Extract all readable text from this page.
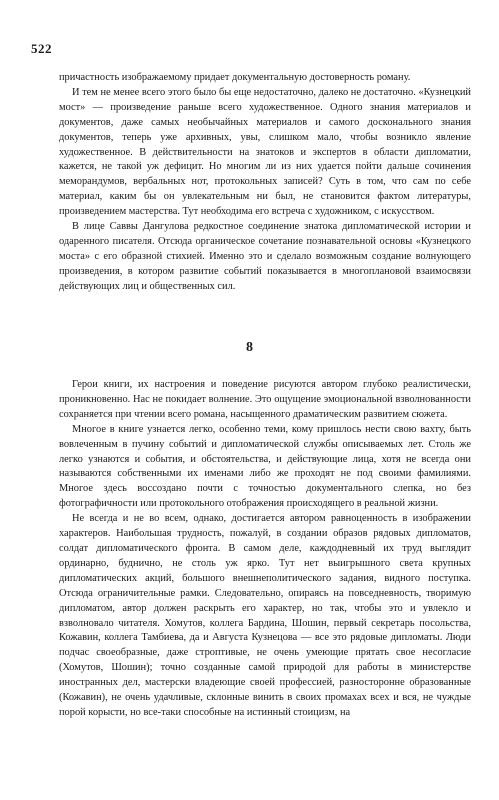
522

причастность изображаемому придает документальную достоверность роману.

И тем не менее всего этого было бы еще недостаточно, далеко не достаточно. «Кузнецкий мост» — произведение раньше всего художественное. Одного знания материалов и документов, даже самых необычайных материалов и самого досконального знания документов, теперь уже архивных, увы, слишком мало, чтобы возникло явление художественное. В действительности на знатоков и экспертов в области дипломатии, кажется, не такой уж дефицит. Но многим ли из них удается пойти дальше сочинения меморандумов, вербальных нот, протокольных записей? Суть в том, что сам по себе материал, каким бы он увлекательным ни был, не становится фактом литературы, произведением мастерства. Тут необходима его встреча с художником, с искусством.

В лице Саввы Дангулова редкостное соединение знатока дипломатической истории и одаренного писателя. Отсюда органическое сочетание познавательной основы «Кузнецкого моста» с его образной стихией. Именно это и сделало возможным создание волнующего произведения, в котором развитие событий показывается в многоплановой взаимосвязи действующих лиц и общественных сил.

8

Герои книги, их настроения и поведение рисуются автором глубоко реалистически, проникновенно. Нас не покидает волнение. Это ощущение эмоциональной взволнованности сохраняется при чтении всего романа, насыщенного драматическим развитием сюжета.

Многое в книге узнается легко, особенно теми, кому пришлось нести свою вахту, быть вовлеченным в пучину событий и дипломатической службы описываемых лет. Столь же легко узнаются и события, и обстоятельства, и действующие лица, хотя не всегда они называются собственными их именами либо же проходят не под своими фамилиями. Многое здесь воссоздано почти с точностью документального слепка, но без фотографичности или протокольного отображения происходящего в реальной жизни.

Не всегда и не во всем, однако, достигается автором равноценность в изображении характеров. Наибольшая трудность, пожалуй, в создании образов рядовых дипломатов, солдат дипломатического фронта. В самом деле, каждодневный их труд выглядит ординарно, буднично, не столь уж ярко. Тут нет выигрышного света крупных дипломатических акций, большого внешнеполитического задания, видного поступка. Отсюда ограничительные рамки. Следовательно, опираясь на повседневность, творимую дипломатом, автор должен раскрыть его характер, но так, чтобы это и увлекло и взволновало читателя. Хомутов, коллега Бардина, Шошин, первый секретарь посольства, Кожавин, коллега Тамбиева, да и Августа Кузнецова — все это рядовые дипломаты. Люди подчас своеобразные, даже строптивые, не очень умеющие прятать свое несогласие (Хомутов, Шошин); точно созданные самой природой для работы в министерстве иностранных дел, мастерски владеющие своей профессией, разносторонне образованные (Кожавин), не очень удачливые, склонные винить в своих промахах всех и вся, не чуждые порой корысти, но все-таки способные на истинный стоицизм, на
